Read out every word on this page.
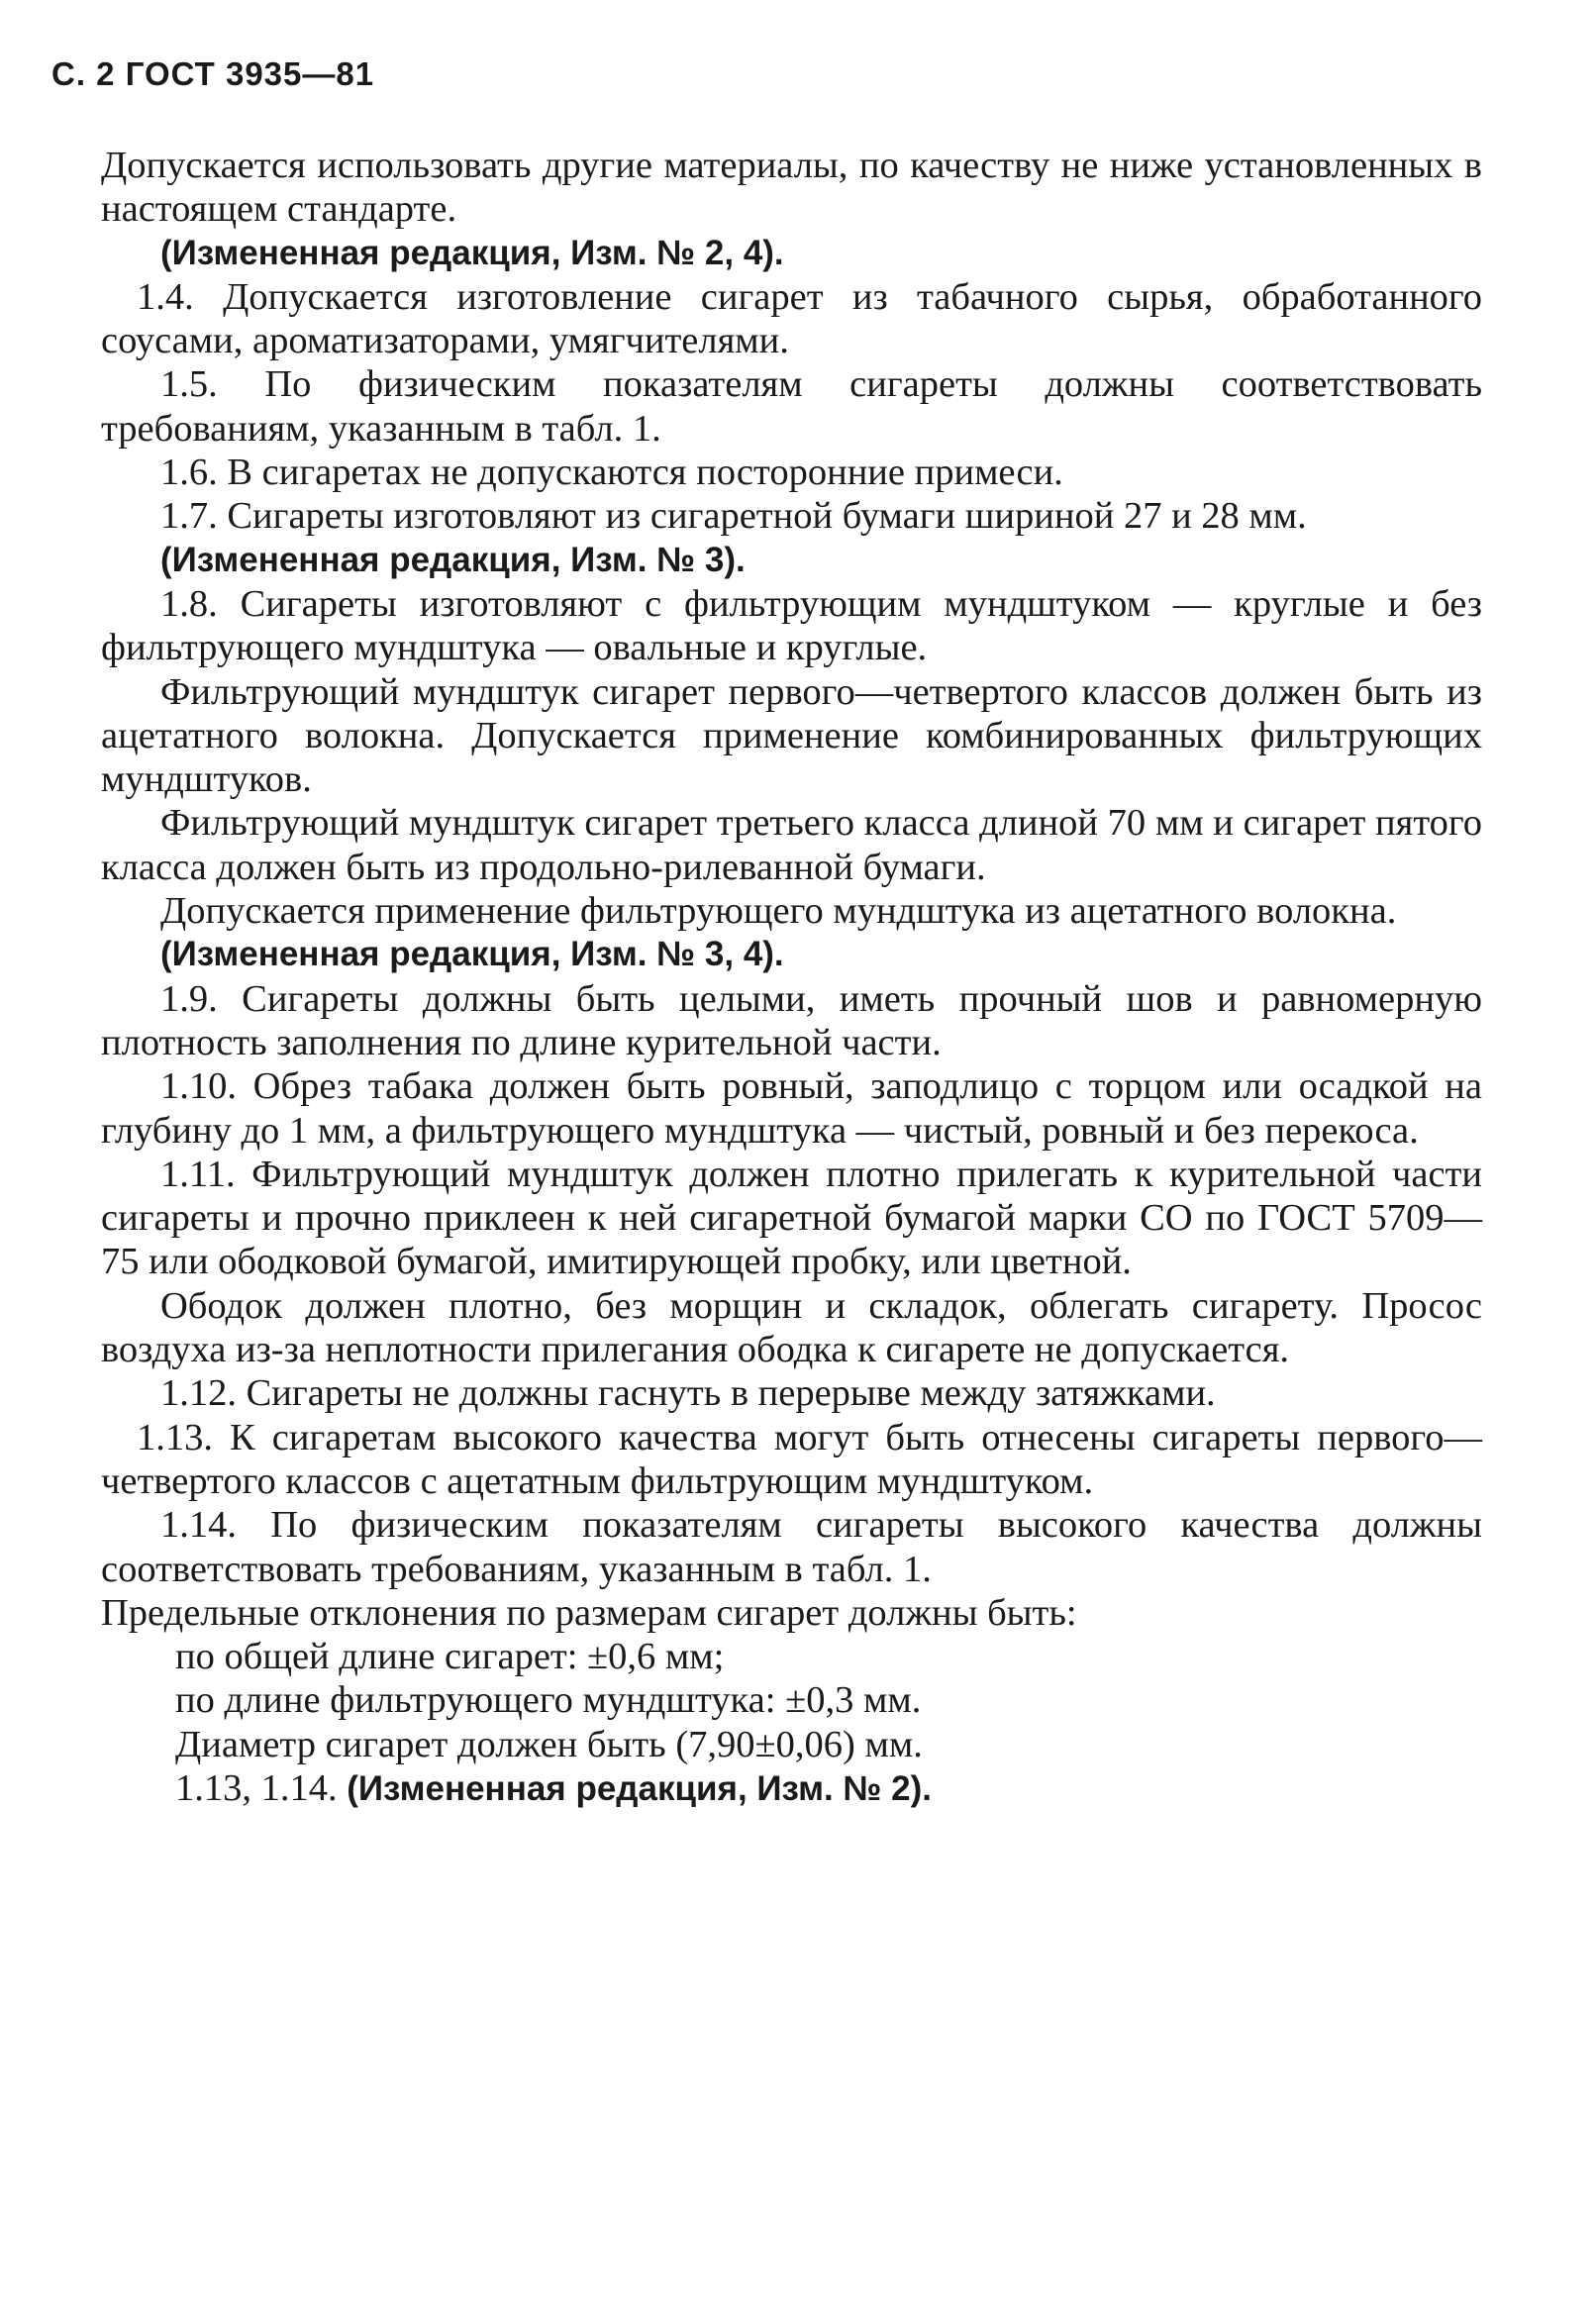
С. 2 ГОСТ 3935—81

Допускается использовать другие материалы, по качеству не ниже установленных в настоящем стандарте.

(Измененная редакция, Изм. № 2, 4).

1.4. Допускается изготовление сигарет из табачного сырья, обработанного соусами, ароматизаторами, умягчителями.

1.5. По физическим показателям сигареты должны соответствовать требованиям, указанным в табл. 1.

1.6. В сигаретах не допускаются посторонние примеси.

1.7. Сигареты изготовляют из сигаретной бумаги шириной 27 и 28 мм.

(Измененная редакция, Изм. № 3).

1.8. Сигареты изготовляют с фильтрующим мундштуком — круглые и без фильтрующего мундштука — овальные и круглые.

Фильтрующий мундштук сигарет первого—четвертого классов должен быть из ацетатного волокна. Допускается применение комбинированных фильтрующих мундштуков.

Фильтрующий мундштук сигарет третьего класса длиной 70 мм и сигарет пятого класса должен быть из продольно-рилеванной бумаги.

Допускается применение фильтрующего мундштука из ацетатного волокна.

(Измененная редакция, Изм. № 3, 4).

1.9. Сигареты должны быть целыми, иметь прочный шов и равномерную плотность заполнения по длине курительной части.

1.10. Обрез табака должен быть ровный, заподлицо с торцом или осадкой на глубину до 1 мм, а фильтрующего мундштука — чистый, ровный и без перекоса.

1.11. Фильтрующий мундштук должен плотно прилегать к курительной части сигареты и прочно приклеен к ней сигаретной бумагой марки СО по ГОСТ 5709—75 или ободковой бумагой, имитирующей пробку, или цветной.

Ободок должен плотно, без морщин и складок, облегать сигарету. Просос воздуха из-за неплотности прилегания ободка к сигарете не допускается.

1.12. Сигареты не должны гаснуть в перерыве между затяжками.

1.13. К сигаретам высокого качества могут быть отнесены сигареты первого—четвертого классов с ацетатным фильтрующим мундштуком.

1.14. По физическим показателям сигареты высокого качества должны соответствовать требованиям, указанным в табл. 1.

Предельные отклонения по размерам сигарет должны быть:

по общей длине сигарет: ±0,6 мм;

по длине фильтрующего мундштука: ±0,3 мм.

Диаметр сигарет должен быть (7,90±0,06) мм.

1.13, 1.14. (Измененная редакция, Изм. № 2).
